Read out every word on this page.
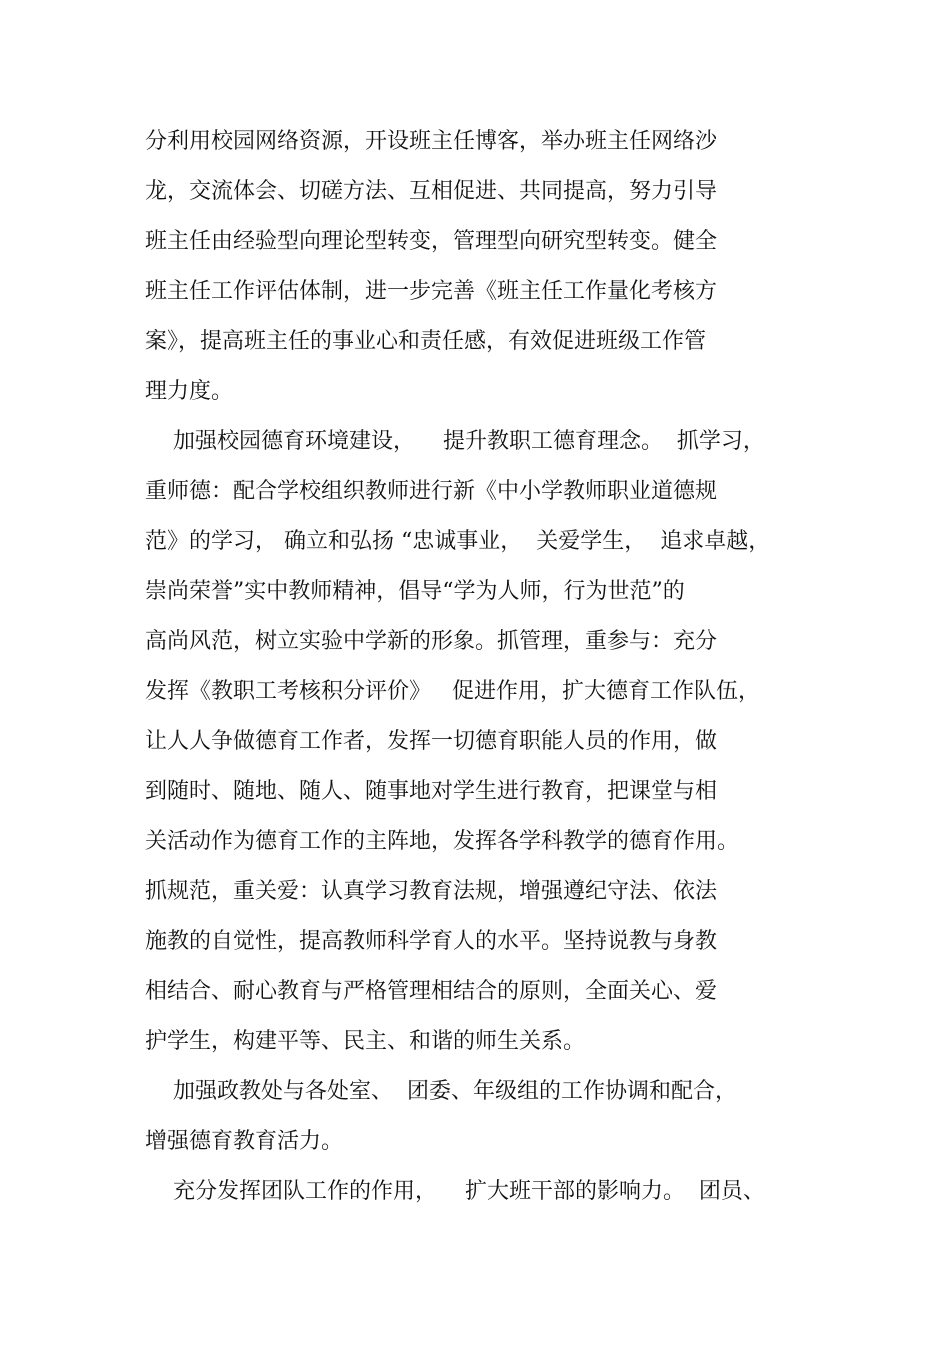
分利用校园网络资源，开设班主任博客，举办班主任网络沙
龙，交流体会、切磋方法、互相促进、共同提高，努力引导
班主任由经验型向理论型转变，管理型向研究型转变。健全
班主任工作评估体制，进一步完善《班主任工作量化考核方
案》，提高班主任的事业心和责任感，有效促进班级工作管
理力度。
加强校园德育环境建设，    提升教职工德育理念。  抓学习，
重师德：配合学校组织教师进行新《中小学教师职业道德规
范》的学习， 确立和弘扬 “忠诚事业，  关爱学生，  追求卓越，
崇尚荣誉”实中教师精神，倡导“学为人师，行为世范”的
高尚风范，树立实验中学新的形象。抓管理，重参与：充分
发挥《教职工考核积分评价》   促进作用，扩大德育工作队伍，
让人人争做德育工作者，发挥一切德育职能人员的作用，做
到随时、随地、随人、随事地对学生进行教育，把课堂与相
关活动作为德育工作的主阵地，发挥各学科教学的德育作用。
抓规范，重关爱：认真学习教育法规，增强遵纪守法、依法
施教的自觉性，提高教师科学育人的水平。坚持说教与身教
相结合、耐心教育与严格管理相结合的原则，全面关心、爱
护学生，构建平等、民主、和谐的师生关系。
加强政教处与各处室、  团委、年级组的工作协调和配合，
增强德育教育活力。
充分发挥团队工作的作用，    扩大班干部的影响力。  团员、
